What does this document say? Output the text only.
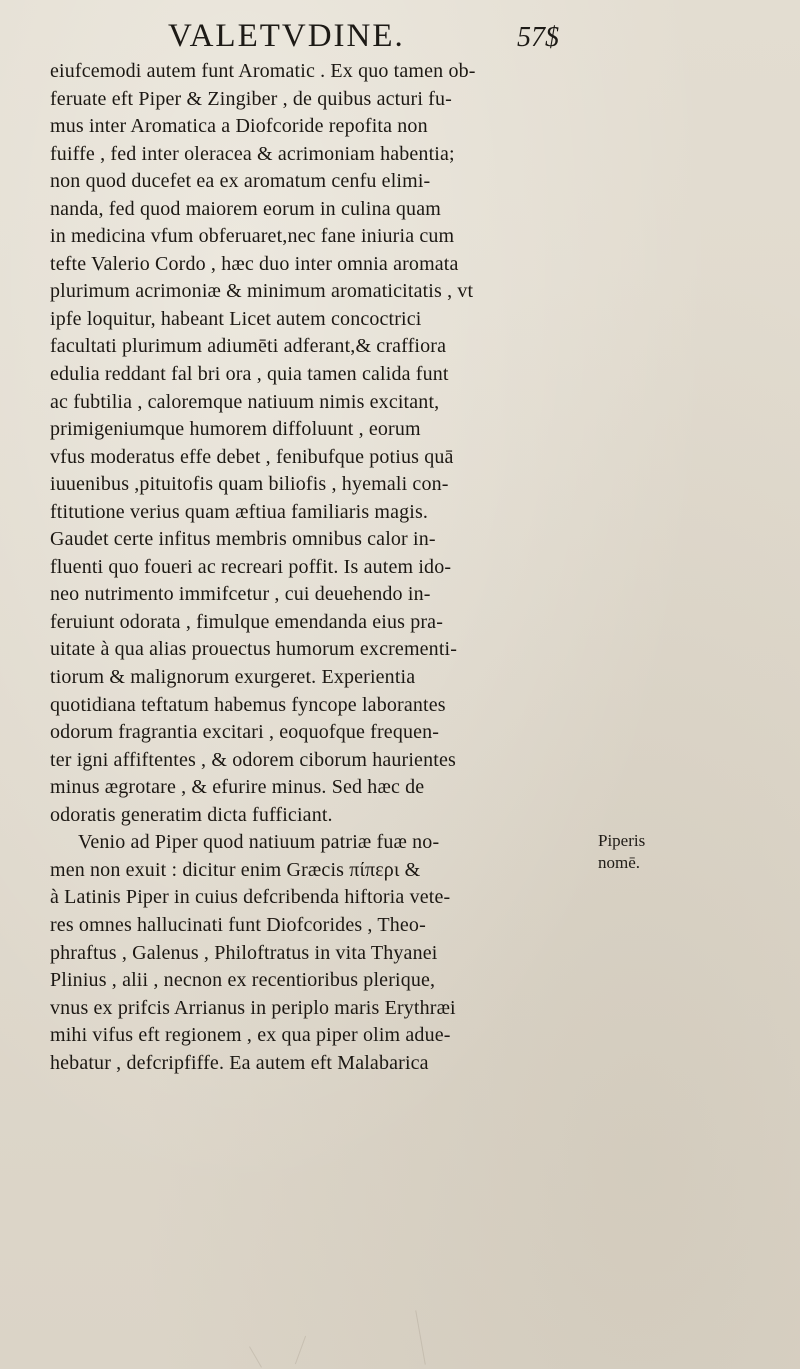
VALETVDINE.	57$
eiufcemodi autem funt Aromatic . Ex quo tamen ob-
feruate eft Piper & Zingiber , de quibus acturi fu-
mus inter Aromatica a Diofcoride repofita non
fuiffe , fed inter oleracea & acrimoniam habentia;
non quod ducefet ea ex aromatum cenfu elimi-
nanda, fed quod maiorem eorum in culina quam
in medicina vfum obferuaret,nec fane iniuria cum
tefte Valerio Cordo , hæc duo inter omnia aromata
plurimum acrimoniæ & minimum aromaticitatis , vt
ipfe loquitur, habeant Licet autem concoctrici
facultati plurimum adiumēti adferant,& craffiora
edulia reddant fal bri ora , quia tamen calida funt
ac fubtilia , caloremque natiuum nimis excitant,
primigeniumque humorem diffoluunt , eorum
vfus moderatus effe debet , fenibufque potius quā
iuuenibus ,pituitofis quam biliofis , hyemali con-
ftitutione verius quam æftiua familiaris magis.
Gaudet certe infitus membris omnibus calor in-
fluenti quo foueri ac recreari poffit. Is autem ido-
neo nutrimento immifcetur , cui deuehendo in-
feruiunt odorata , fimulque emendanda eius pra-
uitate à qua alias prouectus humorum excrementi-
tiorum & malignorum exurgeret. Experientia
quotidiana teftatum habemus fyncope laborantes
odorum fragrantia excitari , eoquofque frequen-
ter igni affiftentes , & odorem ciborum haurientes
minus ægrotare , & efurire minus. Sed hæc de
odoratis generatim dicta fufficiant.
Venio ad Piper quod natiuum patriæ fuæ no-
men non exuit : dicitur enim Græcis πίπερι &
à Latinis Piper in cuius defcribenda hiftoria vete-
res omnes hallucinati funt Diofcorides , Theo-
phraftus , Galenus , Philoftratus in vita Thyanei
Plinius , alii , necnon ex recentioribus plerique,
vnus ex prifcis Arrianus in periplo maris Erythræi
mihi vifus eft regionem , ex qua piper olim adue-
hebatur , defcripfiffe. Ea autem eft Malabarica
Piperis
nomē.
